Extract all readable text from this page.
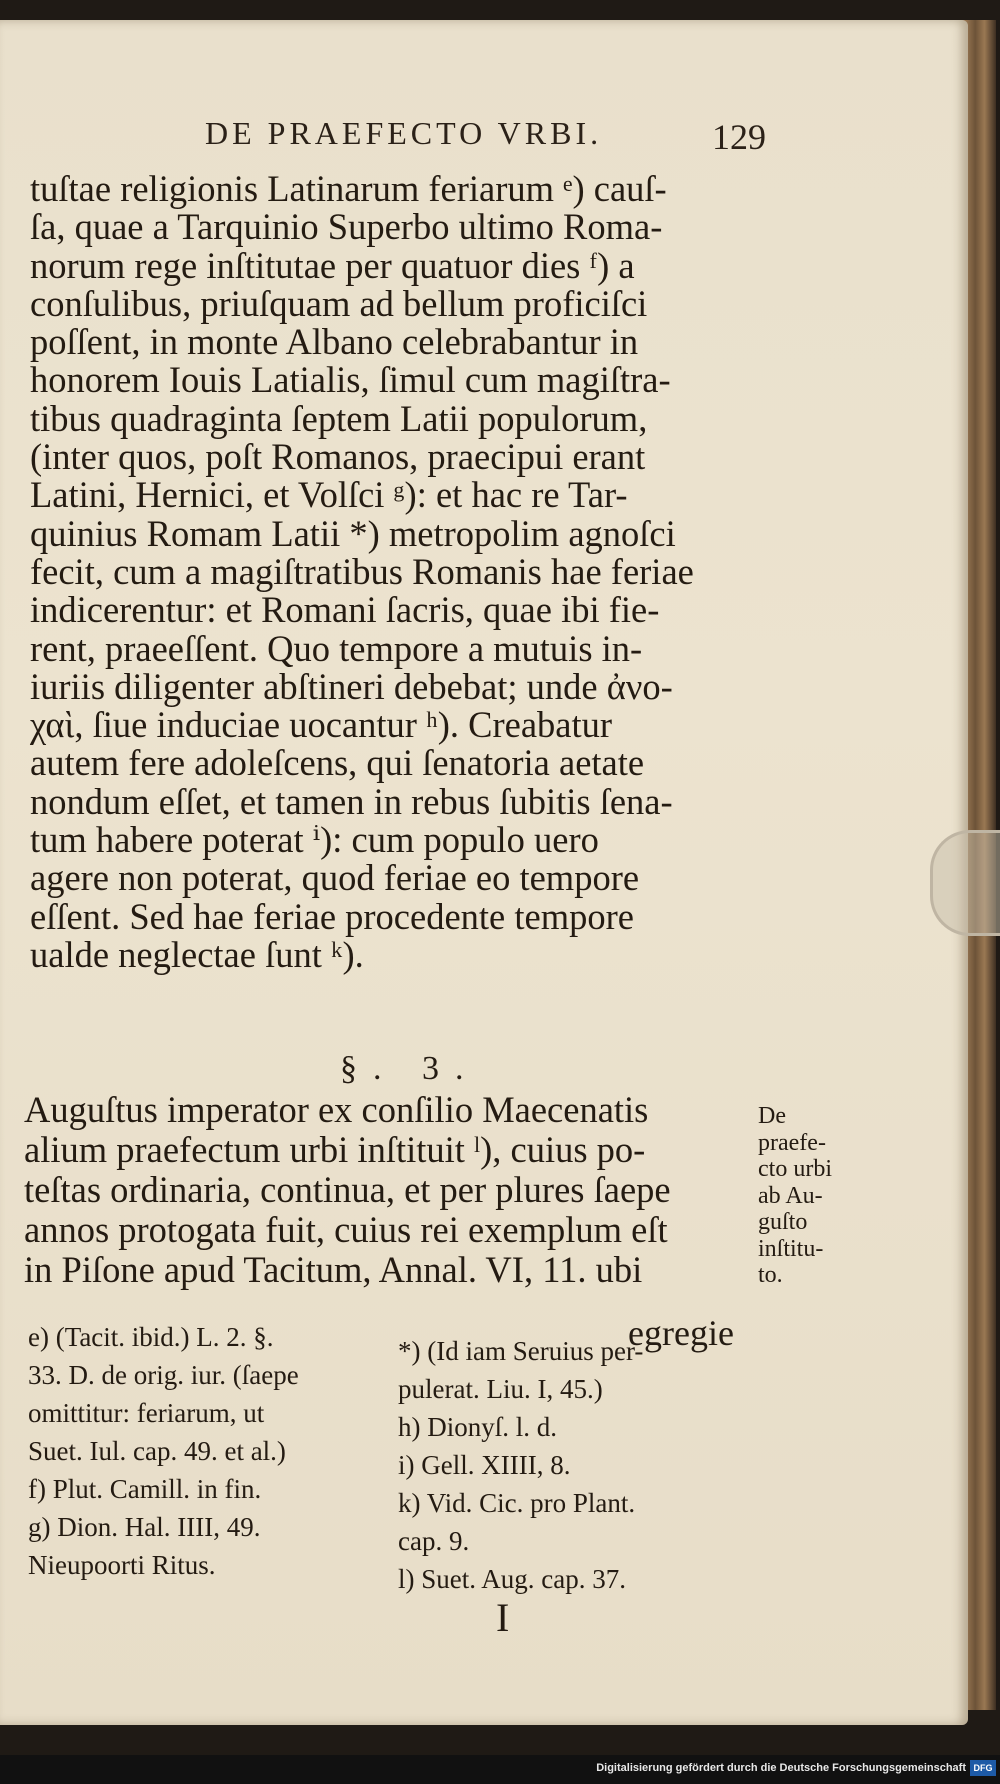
DE PRAEFECTO VRBI.	129
tuſtae religionis Latinarum feriarum ᵉ) cauſ-
ſa, quae a Tarquinio Superbo ultimo Roma-
norum rege inſtitutae per quatuor dies ᶠ) a
conſulibus, priuſquam ad bellum proficiſci
poſſent, in monte Albano celebrabantur in
honorem Iouis Latialis, ſimul cum magiſtra-
tibus quadraginta ſeptem Latii populorum,
(inter quos, poſt Romanos, praecipui erant
Latini, Hernici, et Volſci ᵍ): et hac re Tar-
quinius Romam Latii *) metropolim agnoſci
fecit, cum a magiſtratibus Romanis hae feriae
indicerentur: et Romani ſacris, quae ibi fie-
rent, praeeſſent. Quo tempore a mutuis in-
iuriis diligenter abſtineri debebat; unde ἀνο-
χαὶ, ſiue induciae uocantur ʰ). Creabatur
autem fere adoleſcens, qui ſenatoria aetate
nondum eſſet, et tamen in rebus ſubitis ſena-
tum habere poterat ⁱ): cum populo uero
agere non poterat, quod feriae eo tempore
eſſent. Sed hae feriae procedente tempore
ualde neglectae ſunt ᵏ).
§. 3.
Auguſtus imperator ex conſilio Maecenatis
alium praefectum urbi inſtituit ˡ), cuius po-
teſtas ordinaria, continua, et per plures ſaepe
annos protogata fuit, cuius rei exemplum eſt
in Piſone apud Tacitum, Annal. VI, 11. ubi
egregie
De
praefe-
cto urbi
ab Au-
guſto
inſtitu-
to.
e) (Tacit. ibid.) L. 2. §.
33. D. de orig. iur. (ſaepe
omittitur: feriarum, ut
Suet. Iul. cap. 49. et al.)
f) Plut. Camill. in fin.
g) Dion. Hal. IIII, 49.
Nieupoorti Ritus.
*) (Id iam Seruius per-
pulerat. Liu. I, 45.)
h) Dionyſ. l. d.
i) Gell. XIIII, 8.
k) Vid. Cic. pro Plant.
cap. 9.
l) Suet. Aug. cap. 37.
I
Digitalisierung gefördert durch die Deutsche Forschungsgemeinschaft DFG
